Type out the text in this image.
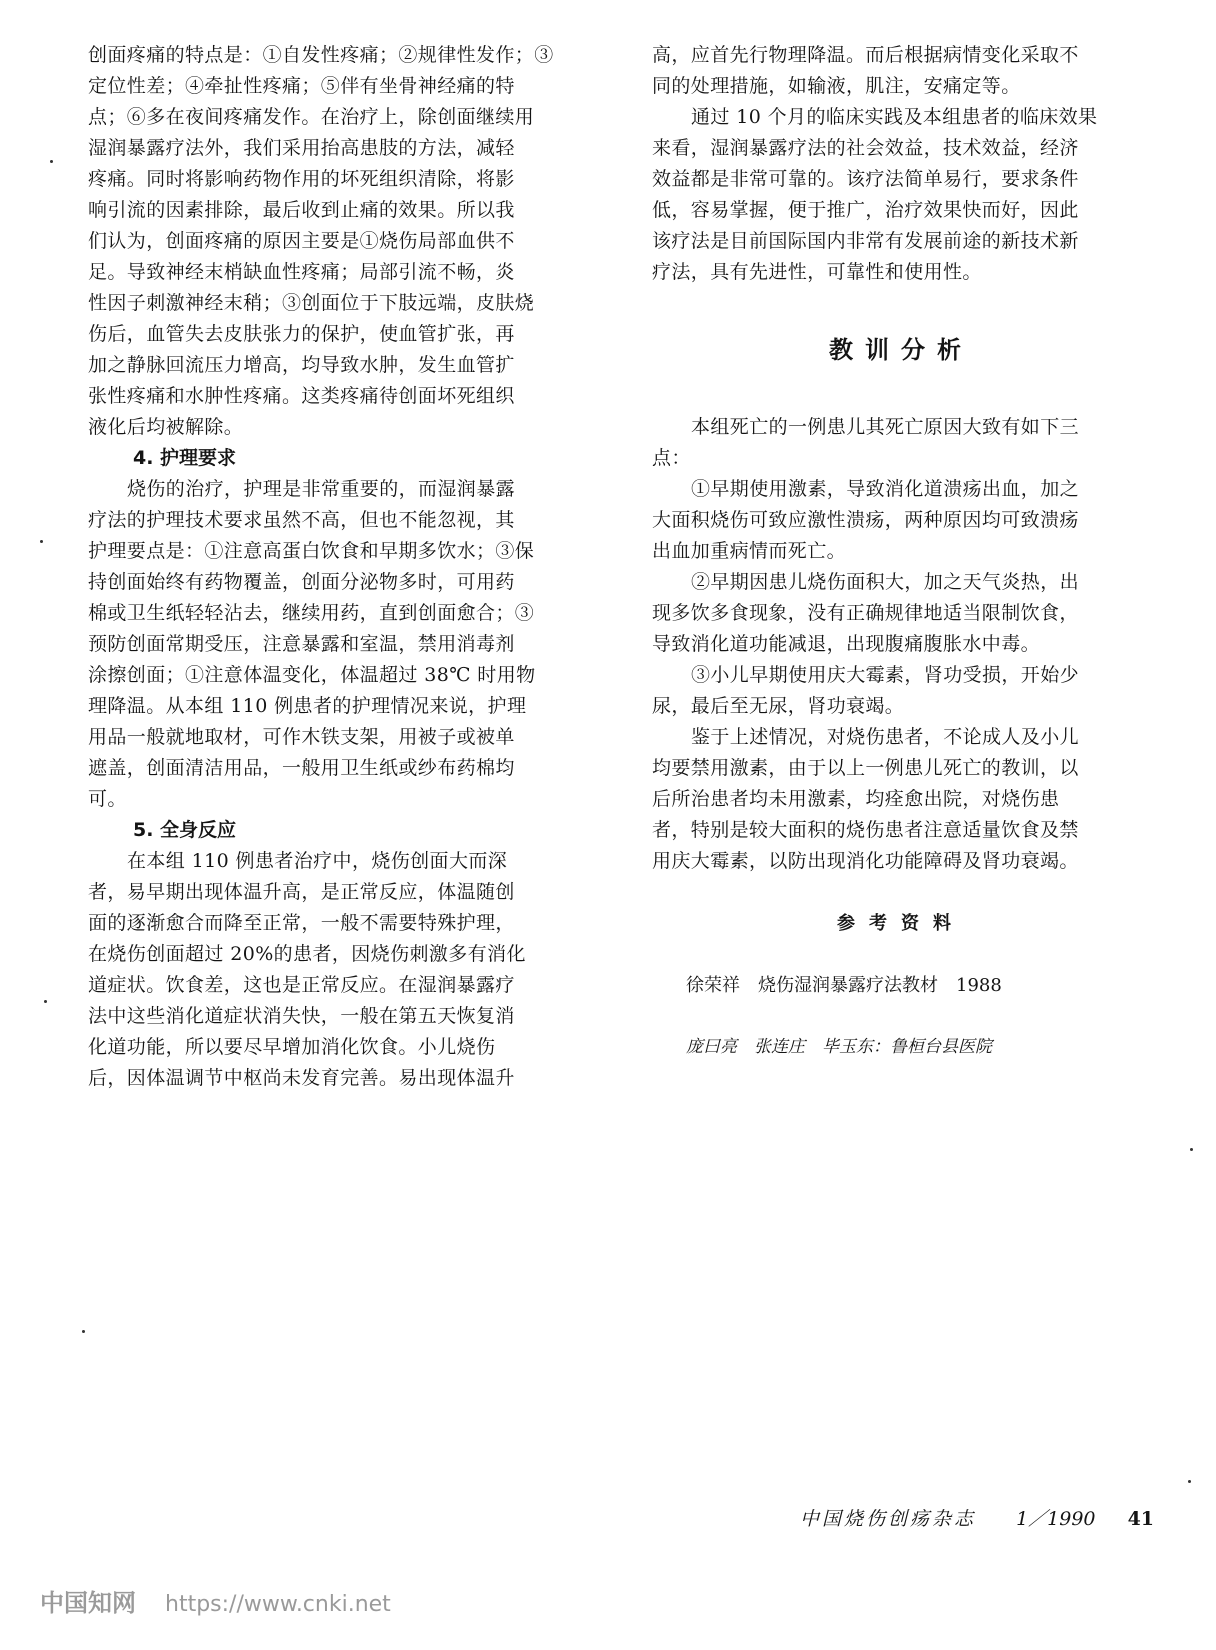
创面疼痛的特点是：①自发性疼痛；②规律性发作；③
定位性差；④牵扯性疼痛；⑤伴有坐骨神经痛的特
点；⑥多在夜间疼痛发作。在治疗上，除创面继续用
湿润暴露疗法外，我们采用抬高患肢的方法，减轻
疼痛。同时将影响药物作用的坏死组织清除，将影
响引流的因素排除，最后收到止痛的效果。所以我
们认为，创面疼痛的原因主要是①烧伤局部血供不
足。导致神经末梢缺血性疼痛；局部引流不畅，炎
性因子刺激神经末稍；③创面位于下肢远端，皮肤烧
伤后，血管失去皮肤张力的保护，使血管扩张，再
加之静脉回流压力增高，均导致水肿，发生血管扩
张性疼痛和水肿性疼痛。这类疼痛待创面坏死组织
液化后均被解除。
4. 护理要求
烧伤的治疗，护理是非常重要的，而湿润暴露
疗法的护理技术要求虽然不高，但也不能忽视，其
护理要点是：①注意高蛋白饮食和早期多饮水；③保
持创面始终有药物覆盖，创面分泌物多时，可用药
棉或卫生纸轻轻沾去，继续用药，直到创面愈合；③
预防创面常期受压，注意暴露和室温，禁用消毒剂
涂擦创面；①注意体温变化，体温超过 38℃ 时用物
理降温。从本组 110 例患者的护理情况来说，护理
用品一般就地取材，可作木铁支架，用被子或被单
遮盖，创面清洁用品，一般用卫生纸或纱布药棉均
可。
5. 全身反应
在本组 110 例患者治疗中，烧伤创面大而深
者，易早期出现体温升高，是正常反应，体温随创
面的逐渐愈合而降至正常，一般不需要特殊护理，
在烧伤创面超过 20%的患者，因烧伤刺激多有消化
道症状。饮食差，这也是正常反应。在湿润暴露疗
法中这些消化道症状消失快，一般在第五天恢复消
化道功能，所以要尽早增加消化饮食。小儿烧伤
后，因体温调节中枢尚未发育完善。易出现体温升
高，应首先行物理降温。而后根据病情变化采取不
同的处理措施，如输液，肌注，安痛定等。
通过 10 个月的临床实践及本组患者的临床效果
来看，湿润暴露疗法的社会效益，技术效益，经济
效益都是非常可靠的。该疗法简单易行，要求条件
低，容易掌握，便于推广，治疗效果快而好，因此
该疗法是目前国际国内非常有发展前途的新技术新
疗法，具有先进性，可靠性和使用性。
教训分析
本组死亡的一例患儿其死亡原因大致有如下三
点：
①早期使用激素，导致消化道溃疡出血，加之
大面积烧伤可致应激性溃疡，两种原因均可致溃疡
出血加重病情而死亡。
②早期因患儿烧伤面积大，加之天气炎热，出
现多饮多食现象，没有正确规律地适当限制饮食，
导致消化道功能减退，出现腹痛腹胀水中毒。
③小儿早期使用庆大霉素，肾功受损，开始少
尿，最后至无尿，肾功衰竭。
鉴于上述情况，对烧伤患者，不论成人及小儿
均要禁用激素，由于以上一例患儿死亡的教训，以
后所治患者均未用激素，均痊愈出院，对烧伤患
者，特别是较大面积的烧伤患者注意适量饮食及禁
用庆大霉素，以防出现消化功能障碍及肾功衰竭。
参考资料
徐荣祥　烧伤湿润暴露疗法教材　1988
庞曰亮　张连庄　毕玉东：鲁桓台县医院
中国烧伤创疡杂志 1／1990 41
中国知网 https://www.cnki.net
